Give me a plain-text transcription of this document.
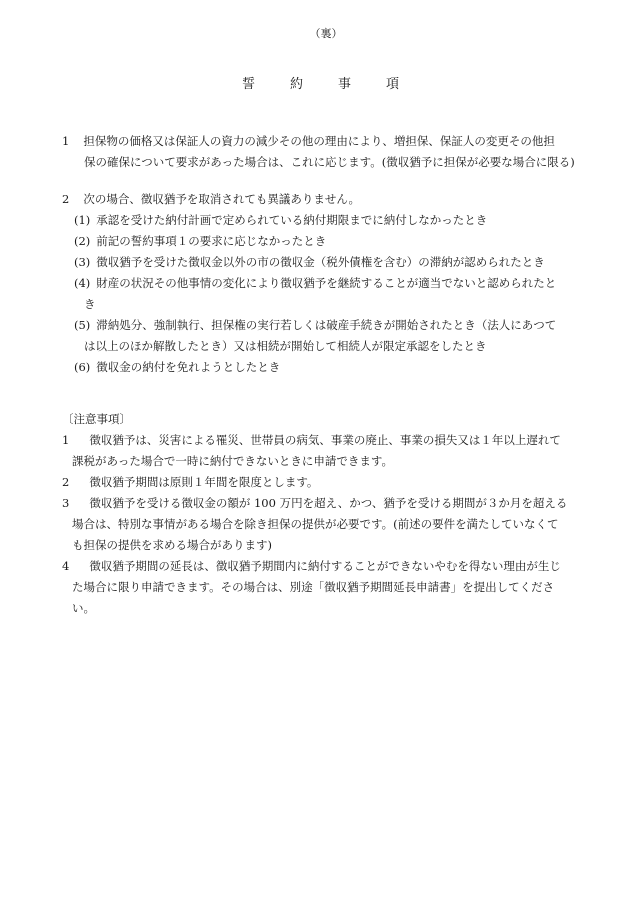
（裏）
誓　約　事　項
1 担保物の価格又は保証人の資力の減少その他の理由により、増担保、保証人の変更その他担
保の確保について要求があった場合は、これに応じます。(徴収猶予に担保が必要な場合に限る)
2 次の場合、徴収猶予を取消されても異議ありません。
(1) 承認を受けた納付計画で定められている納付期限までに納付しなかったとき
(2) 前記の誓約事項１の要求に応じなかったとき
(3) 徴収猶予を受けた徴収金以外の市の徴収金（税外債権を含む）の滞納が認められたとき
(4) 財産の状況その他事情の変化により徴収猶予を継続することが適当でないと認められたと
き
(5) 滞納処分、強制執行、担保権の実行若しくは破産手続きが開始されたとき（法人にあつて
は以上のほか解散したとき）又は相続が開始して相続人が限定承認をしたとき
(6) 徴収金の納付を免れようとしたとき
〔注意事項〕
1 徴収猶予は、災害による罹災、世帯員の病気、事業の廃止、事業の損失又は１年以上遅れて
課税があった場合で一時に納付できないときに申請できます。
2 徴収猶予期間は原則１年間を限度とします。
3 徴収猶予を受ける徴収金の額が 100 万円を超え、かつ、猶予を受ける期間が３か月を超える
場合は、特別な事情がある場合を除き担保の提供が必要です。(前述の要件を満たしていなくて
も担保の提供を求める場合があります)
4 徴収猶予期間の延長は、徴収猶予期間内に納付することができないやむを得ない理由が生じ
た場合に限り申請できます。その場合は、別途「徴収猶予期間延長申請書」を提出してくださ
い。
